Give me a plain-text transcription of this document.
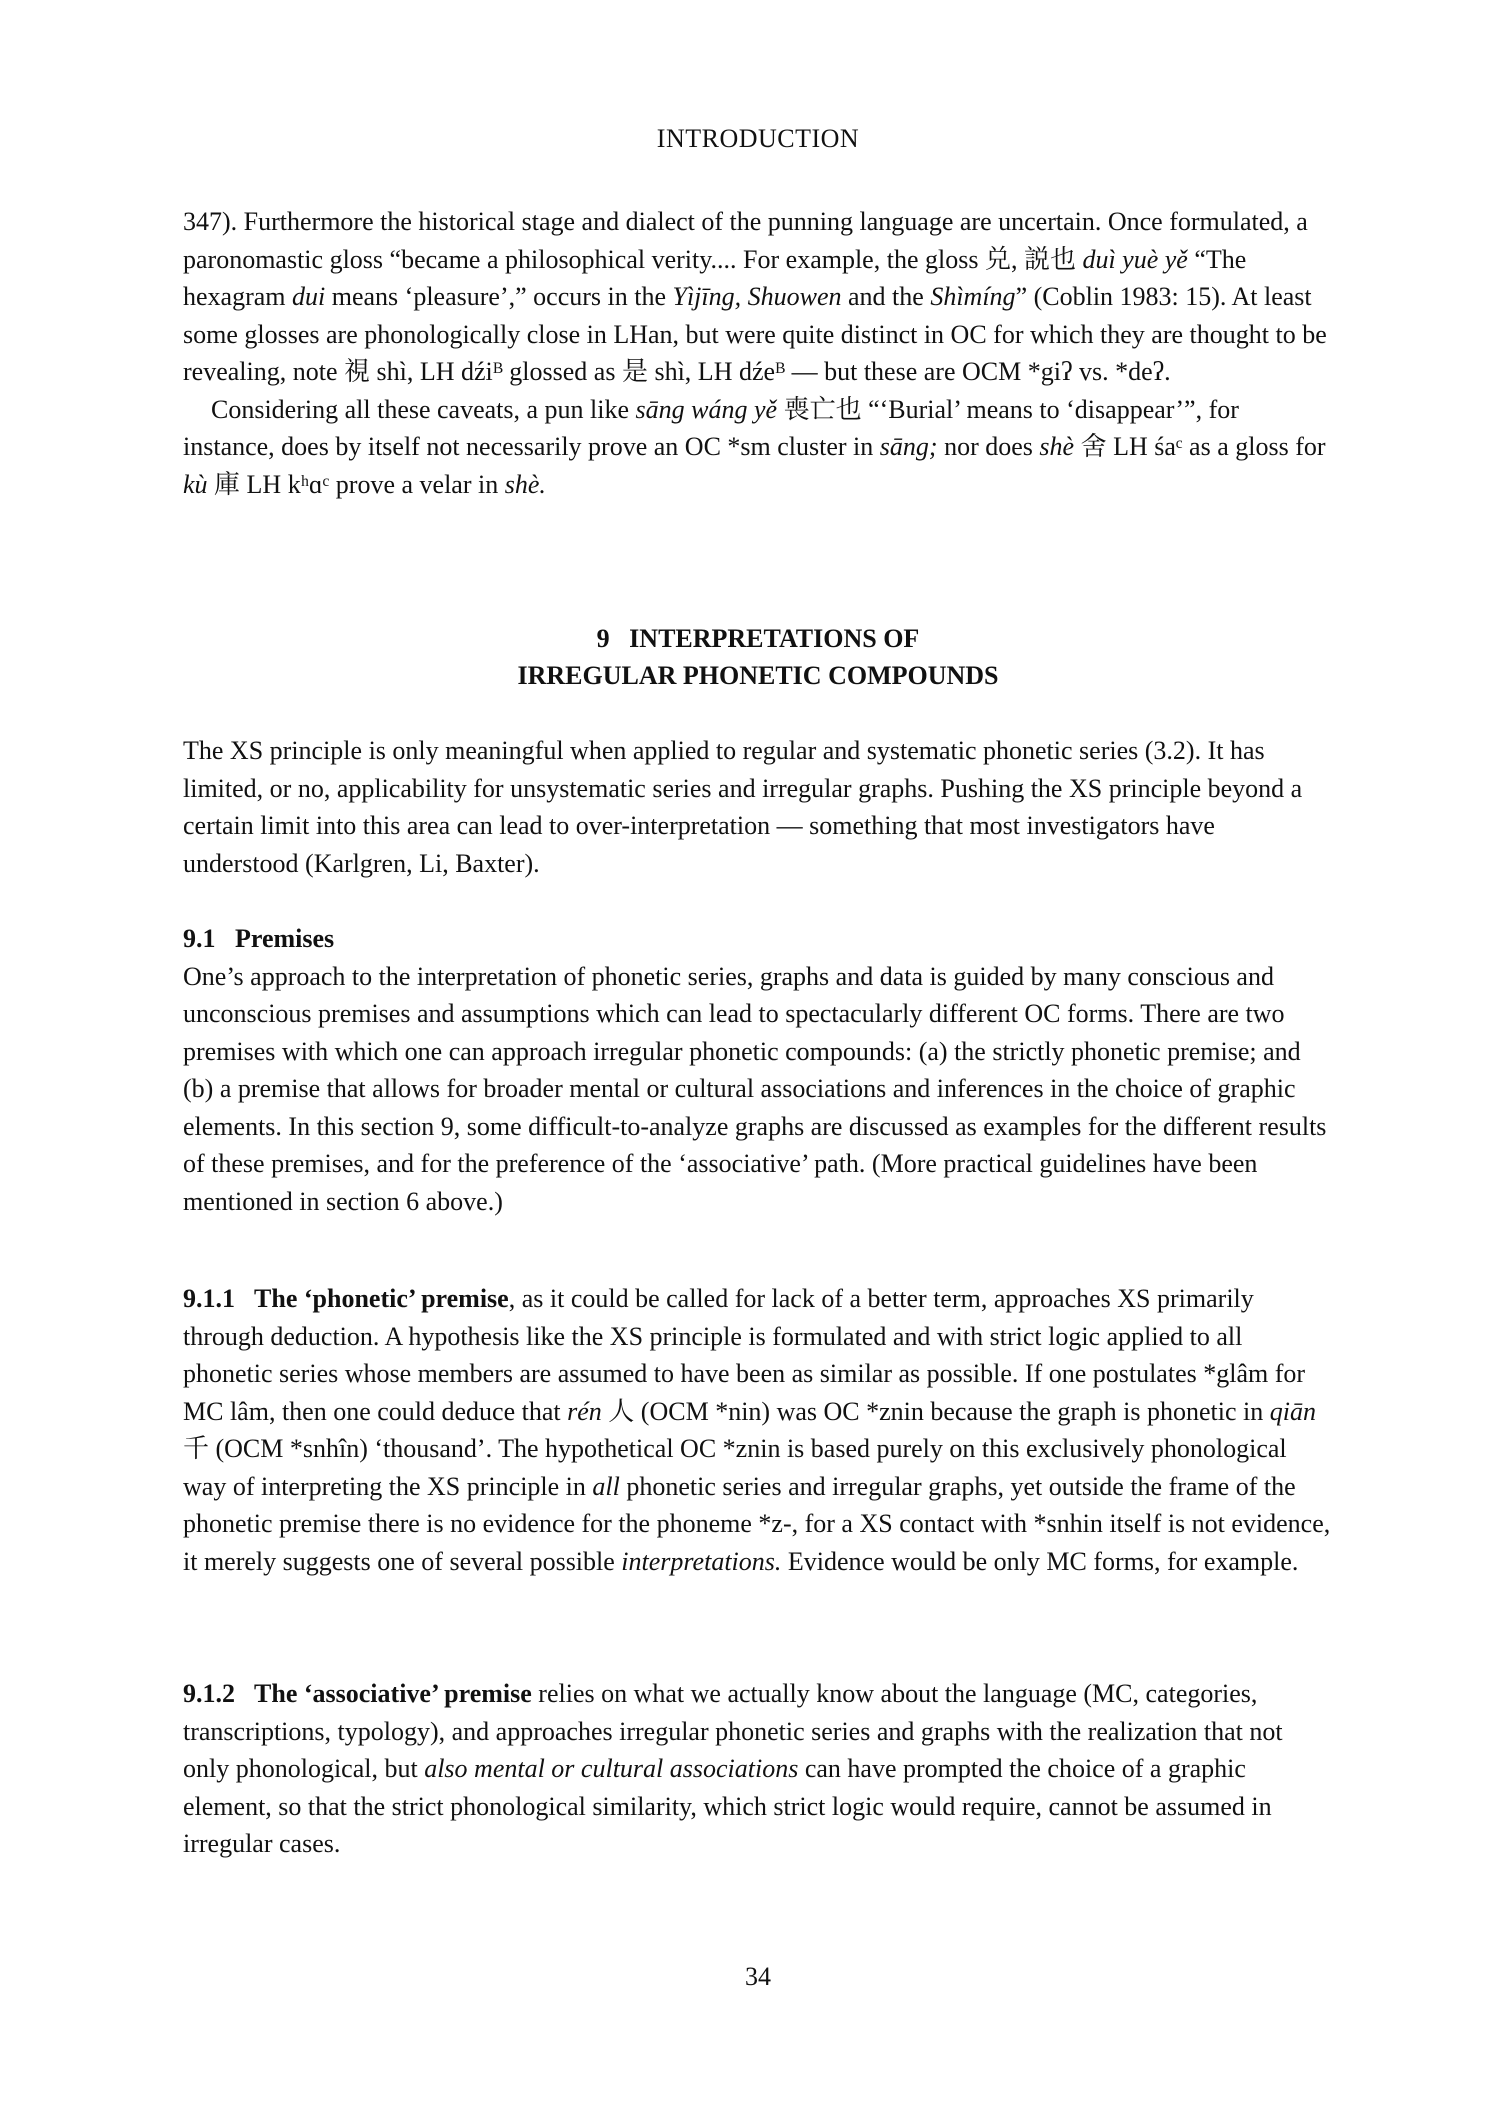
INTRODUCTION

347). Furthermore the historical stage and dialect of the punning language are uncertain. Once formulated, a paronomastic gloss “became a philosophical verity.... For example, the gloss 兑, 説也 duì yuè yě “The hexagram dui means ‘pleasure’,” occurs in the Yìjīng, Shuowen and the Shìmíng” (Coblin 1983: 15). At least some glosses are phonologically close in LHan, but were quite distinct in OC for which they are thought to be revealing, note 視 shì, LH dźiᴮ glossed as 是 shì, LH dźeᴮ — but these are OCM *giʔ vs. *deʔ.

Considering all these caveats, a pun like sāng wáng yě 喪亡也 “‘Burial’ means to ‘disappear’”, for instance, does by itself not necessarily prove an OC *sm cluster in sāng; nor does shè 舍 LH śaᶜ as a gloss for kù 庫 LH kʰɑᶜ prove a velar in shè.

9   INTERPRETATIONS OF
IRREGULAR PHONETIC COMPOUNDS

The XS principle is only meaningful when applied to regular and systematic phonetic series (3.2). It has limited, or no, applicability for unsystematic series and irregular graphs. Pushing the XS principle beyond a certain limit into this area can lead to over-interpretation — something that most investigators have understood (Karlgren, Li, Baxter).

9.1   Premises

One’s approach to the interpretation of phonetic series, graphs and data is guided by many conscious and unconscious premises and assumptions which can lead to spectacularly different OC forms. There are two premises with which one can approach irregular phonetic compounds: (a) the strictly phonetic premise; and (b) a premise that allows for broader mental or cultural associations and inferences in the choice of graphic elements. In this section 9, some difficult-to-analyze graphs are discussed as examples for the different results of these premises, and for the preference of the ‘associative’ path. (More practical guidelines have been mentioned in section 6 above.)

9.1.1   The ‘phonetic’ premise, as it could be called for lack of a better term, approaches XS primarily through deduction. A hypothesis like the XS principle is formulated and with strict logic applied to all phonetic series whose members are assumed to have been as similar as possible. If one postulates *glâm for MC lâm, then one could deduce that rén 人 (OCM *nin) was OC *znin because the graph is phonetic in qiān 千 (OCM *snhîn) ‘thousand’. The hypothetical OC *znin is based purely on this exclusively phonological way of interpreting the XS principle in all phonetic series and irregular graphs, yet outside the frame of the phonetic premise there is no evidence for the phoneme *z-, for a XS contact with *snhin itself is not evidence, it merely suggests one of several possible interpretations. Evidence would be only MC forms, for example.

9.1.2   The ‘associative’ premise relies on what we actually know about the language (MC, categories, transcriptions, typology), and approaches irregular phonetic series and graphs with the realization that not only phonological, but also mental or cultural associations can have prompted the choice of a graphic element, so that the strict phonological similarity, which strict logic would require, cannot be assumed in irregular cases.

34
